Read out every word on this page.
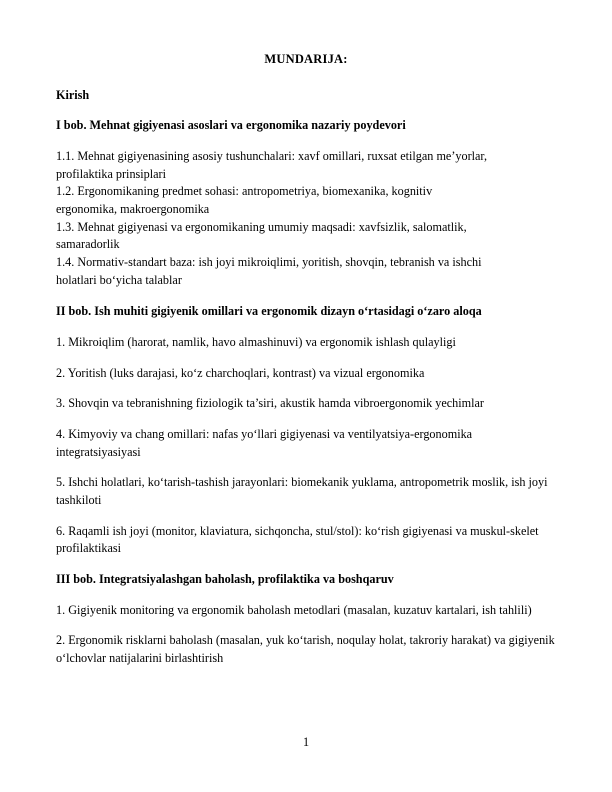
MUNDARIJA:
Kirish
I bob. Mehnat gigiyenasi asoslari va ergonomika nazariy poydevori
1.1. Mehnat gigiyenasining asosiy tushunchalari: xavf omillari, ruxsat etilgan me’yorlar,
profilaktika prinsiplari
1.2. Ergonomikaning predmet sohasi: antropometriya, biomexanika, kognitiv
ergonomika, makroergonomika
1.3. Mehnat gigiyenasi va ergonomikaning umumiy maqsadi: xavfsizlik, salomatlik,
samaradorlik
1.4. Normativ-standart baza: ish joyi mikroiqlimi, yoritish, shovqin, tebranish va ishchi
holatlari bo‘yicha talablar
II bob. Ish muhiti gigiyenik omillari va ergonomik dizayn o‘rtasidagi o‘zaro aloqa
1. Mikroiqlim (harorat, namlik, havo almashinuvi) va ergonomik ishlash qulayligi
2. Yoritish (luks darajasi, ko‘z charchoqlari, kontrast) va vizual ergonomika
3. Shovqin va tebranishning fiziologik ta’siri, akustik hamda vibroergonomik yechimlar
4. Kimyoviy va chang omillari: nafas yo‘llari gigiyenasi va ventilyatsiya-ergonomika integratsiyasiyasi
5. Ishchi holatlari, ko‘tarish-tashish jarayonlari: biomekanik yuklama, antropometrik moslik, ish joyi tashkiloti
6. Raqamli ish joyi (monitor, klaviatura, sichqoncha, stul/stol): ko‘rish gigiyenasi va muskul-skelet profilaktikasi
III bob. Integratsiyalashgan baholash, profilaktika va boshqaruv
1. Gigiyenik monitoring va ergonomik baholash metodlari (masalan, kuzatuv kartalari, ish tahlili)
2. Ergonomik risklarni baholash (masalan, yuk ko‘tarish, noqulay holat, takroriy harakat) va gigiyenik o‘lchovlar natijalarini birlashtirish
1
